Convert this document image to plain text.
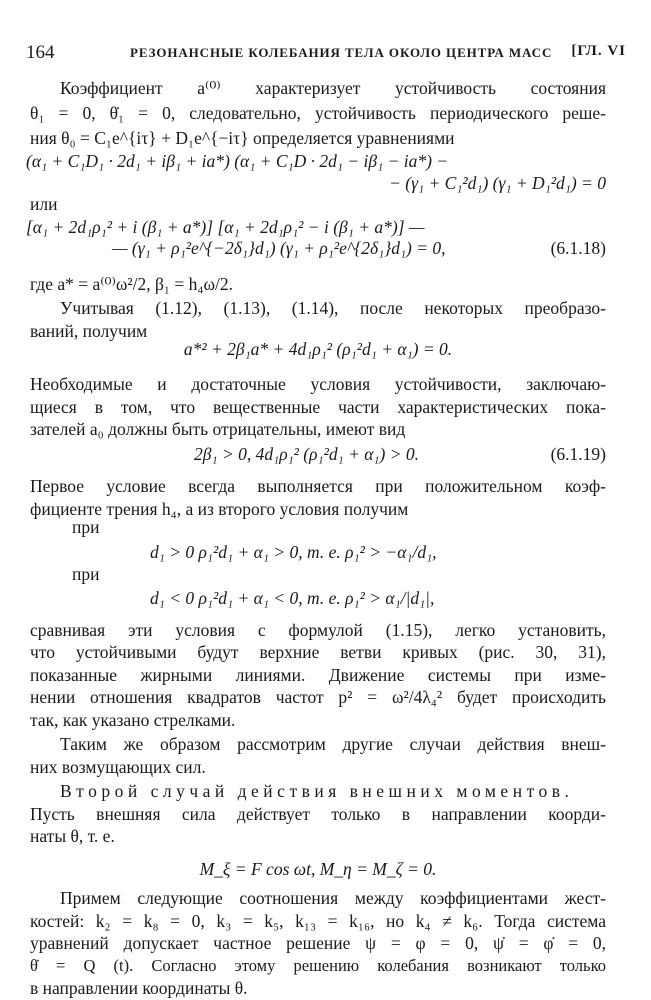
164	РЕЗОНАНСНЫЕ КОЛЕБАНИЯ ТЕЛА ОКОЛО ЦЕНТРА МАСС [ГЛ. VI
Коэффициент a⁽⁰⁾ характеризует устойчивость состояния
θ₁ = 0, θ̇₁ = 0, следовательно, устойчивость периодического реше-
ния θ₀ = C₁e^{iτ} + D₁e^{−iτ} определяется уравнениями
(α₁ + C₁D₁ · 2d₁ + iβ₁ + ia*) (α₁ + C₁D · 2d₁ − iβ₁ − ia*) −
− (γ₁ + C₁²d₁) (γ₁ + D₁²d₁) = 0
или
[α₁ + 2d₁ρ₁² + i (β₁ + a*)] [α₁ + 2d₁ρ₁² − i (β₁ + a*)] —
— (γ₁ + ρ₁²e^{−2δ₁}d₁) (γ₁ + ρ₁²e^{2δ₁}d₁) = 0,	(6.1.18)
где a* = a⁽⁰⁾ω²/2, β₁ = h₄ω/2.
Учитывая (1.12), (1.13), (1.14), после некоторых преобразо-
ваний, получим
a*² + 2β₁a* + 4d₁ρ₁² (ρ₁²d₁ + α₁) = 0.
Необходимые и достаточные условия устойчивости, заключаю-
щиеся в том, что вещественные части характеристических пока-
зателей a₀ должны быть отрицательны, имеют вид
2β₁ > 0, 4d₁ρ₁² (ρ₁²d₁ + α₁) > 0.	(6.1.19)
Первое условие всегда выполняется при положительном коэф-
фициенте трения h₄, а из второго условия получим
при
d₁ > 0 ρ₁²d₁ + α₁ > 0, т. е. ρ₁² > −α₁/d₁,
при
d₁ < 0 ρ₁²d₁ + α₁ < 0, т. е. ρ₁² > α₁/|d₁|,
сравнивая эти условия с формулой (1.15), легко установить,
что устойчивыми будут верхние ветви кривых (рис. 30, 31),
показанные жирными линиями. Движение системы при изме-
нении отношения квадратов частот p² = ω²/4λ₄² будет происходить
так, как указано стрелками.
Таким же образом рассмотрим другие случаи действия внеш-
них возмущающих сил.
Второй случай действия внешних моментов.
Пусть внешняя сила действует только в направлении коорди-
наты θ, т. е.
M_ξ = F cos ωt, M_η = M_ζ = 0.
Примем следующие соотношения между коэффициентами жест-
костей: k₂ = k₈ = 0, k₃ = k₅, k₁₃ = k₁₆, но k₄ ≠ k₆. Тогда система
уравнений допускает частное решение ψ = φ = 0, ψ̇ = φ̇ = 0,
θ̇ = Q (t). Согласно этому решению колебания возникают только
в направлении координаты θ.
